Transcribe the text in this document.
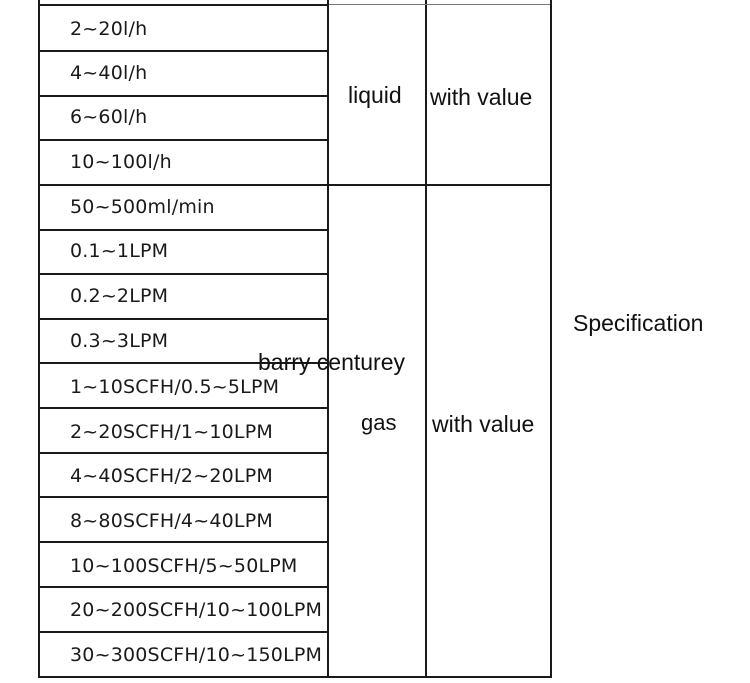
2~20l/h
4~40l/h
6~60l/h
10~100l/h
50~500ml/min
0.1~1LPM
0.2~2LPM
0.3~3LPM
1~10SCFH/0.5~5LPM
2~20SCFH/1~10LPM
4~40SCFH/2~20LPM
8~80SCFH/4~40LPM
10~100SCFH/5~50LPM
20~200SCFH/10~100LPM
30~300SCFH/10~150LPM
liquid with value
barry centurey
gas with value
Specification
